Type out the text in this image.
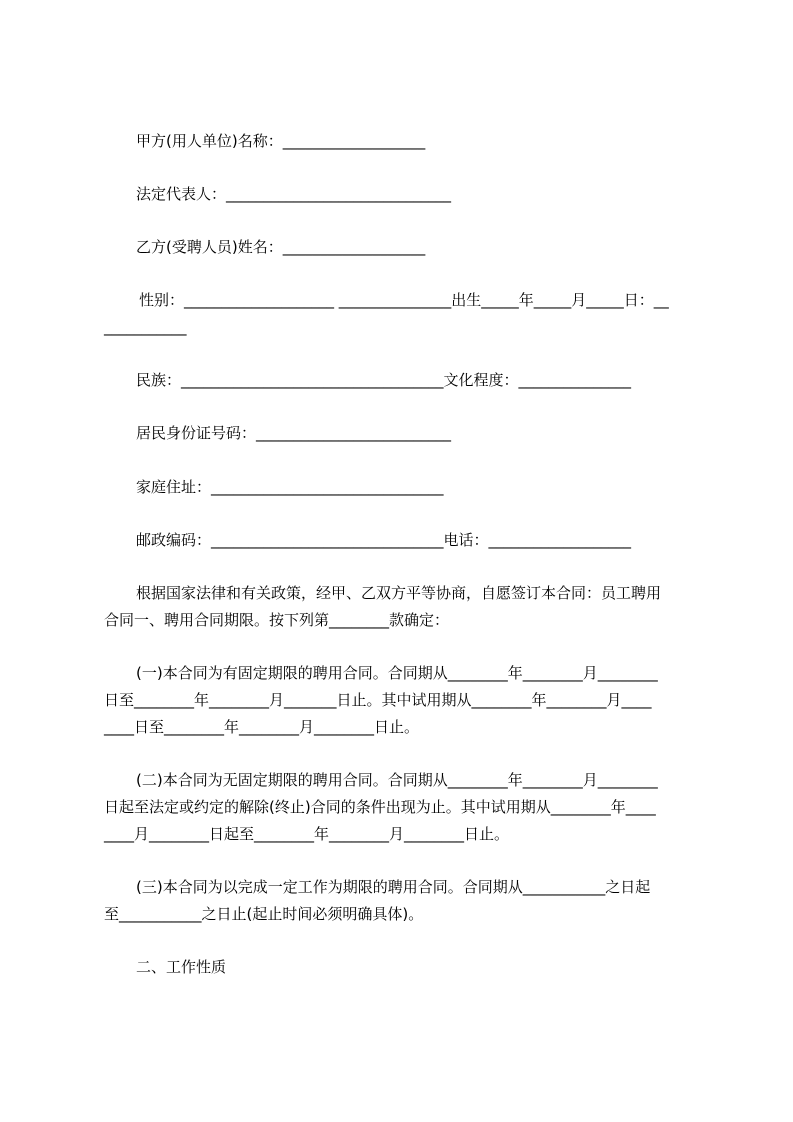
甲方(用人单位)名称：___________________

法定代表人：______________________________

乙方(受聘人员)姓名：___________________

性别：____________________ _______________出生_____年_____月_____日：__

___________

民族：___________________________________文化程度：_______________

居民身份证号码：__________________________

家庭住址：_______________________________

邮政编码：_______________________________电话：___________________

根据国家法律和有关政策，经甲、乙双方平等协商，自愿签订本合同：员工聘用

合同一、聘用合同期限。按下列第________款确定：

(一)本合同为有固定期限的聘用合同。合同期从________年________月________

日至________年________月_______日止。其中试用期从________年________月____

____日至________年________月________日止。

(二)本合同为无固定期限的聘用合同。合同期从________年________月________

日起至法定或约定的解除(终止)合同的条件出现为止。其中试用期从________年____

____月________日起至________年________月________日止。

(三)本合同为以完成一定工作为期限的聘用合同。合同期从___________之日起

至___________之日止(起止时间必须明确具体)。

二、工作性质
